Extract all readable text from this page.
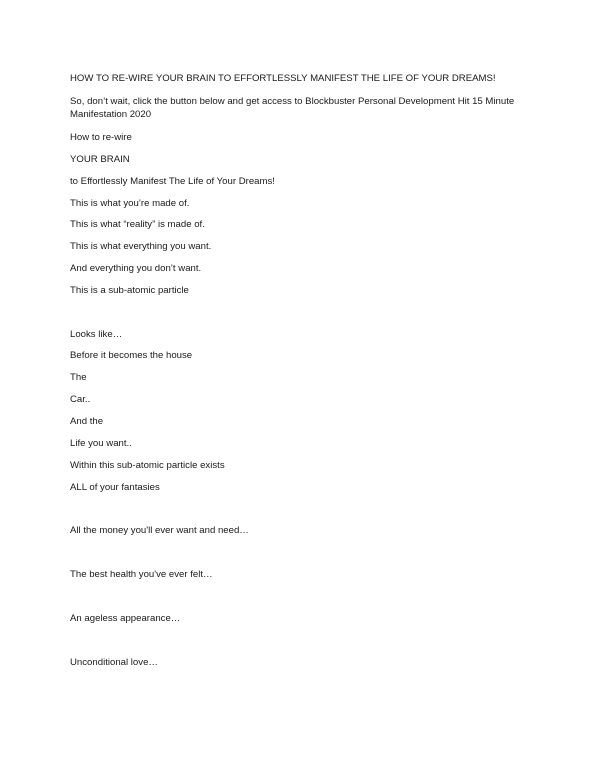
HOW TO RE-WIRE YOUR BRAIN TO EFFORTLESSLY MANIFEST THE LIFE OF YOUR DREAMS!
So, don’t wait, click the button below and get access to Blockbuster Personal Development Hit 15 Minute Manifestation 2020
How to re-wire
YOUR BRAIN
to Effortlessly Manifest The Life of Your Dreams!
This is what you’re made of.
This is what “reality” is made of.
This is what everything you want.
And everything you don’t want.
This is a sub-atomic particle
Looks like…
Before it becomes the house
The
Car..
And the
Life you want..
Within this sub-atomic particle exists
ALL of your fantasies
All the money you'll ever want and need…
The best health you've ever felt…
An ageless appearance…
Unconditional love…
